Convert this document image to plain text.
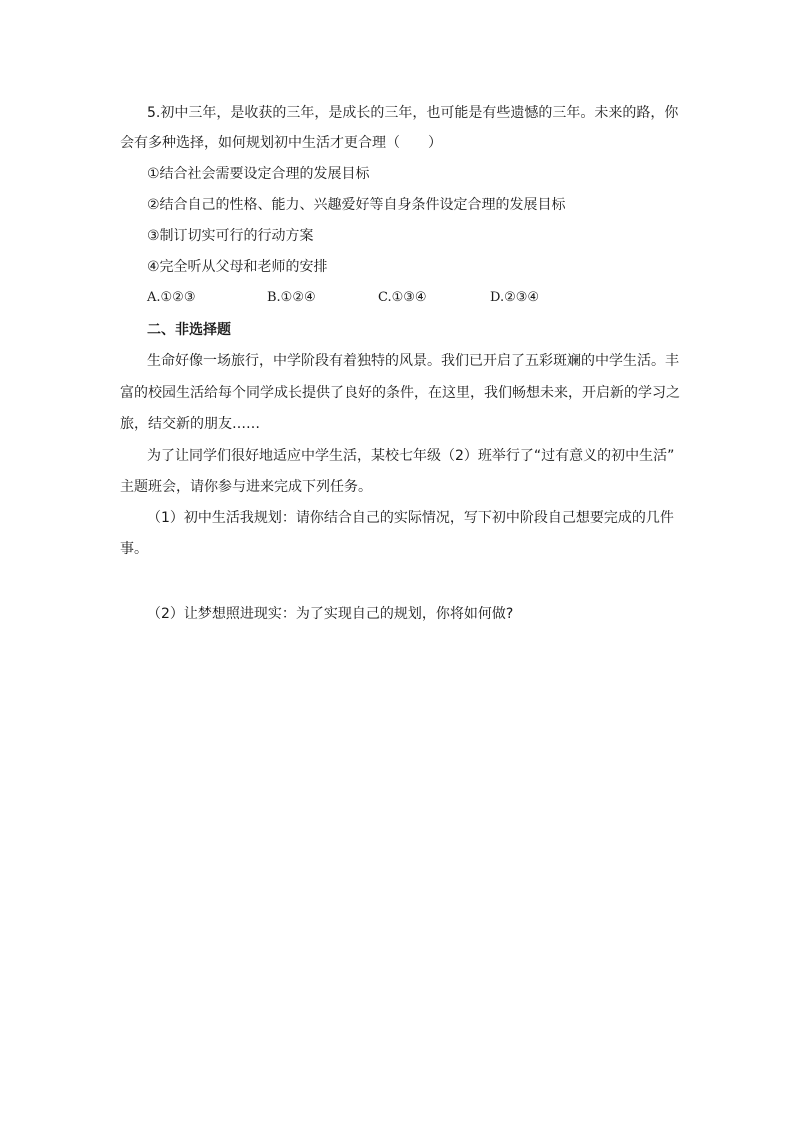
5.初中三年，是收获的三年，是成长的三年，也可能是有些遗憾的三年。未来的路，你
会有多种选择，如何规划初中生活才更合理（　　）
①结合社会需要设定合理的发展目标
②结合自己的性格、能力、兴趣爱好等自身条件设定合理的发展目标
③制订切实可行的行动方案
④完全听从父母和老师的安排
A.①②③	B.①②④	C.①③④	D.②③④
二、非选择题
生命好像一场旅行，中学阶段有着独特的风景。我们已开启了五彩斑斓的中学生活。丰
富的校园生活给每个同学成长提供了良好的条件，在这里，我们畅想未来，开启新的学习之
旅，结交新的朋友……
为了让同学们很好地适应中学生活，某校七年级（2）班举行了“过有意义的初中生活”
主题班会，请你参与进来完成下列任务。
（1）初中生活我规划：请你结合自己的实际情况，写下初中阶段自己想要完成的几件
事。
（2）让梦想照进现实：为了实现自己的规划，你将如何做?
